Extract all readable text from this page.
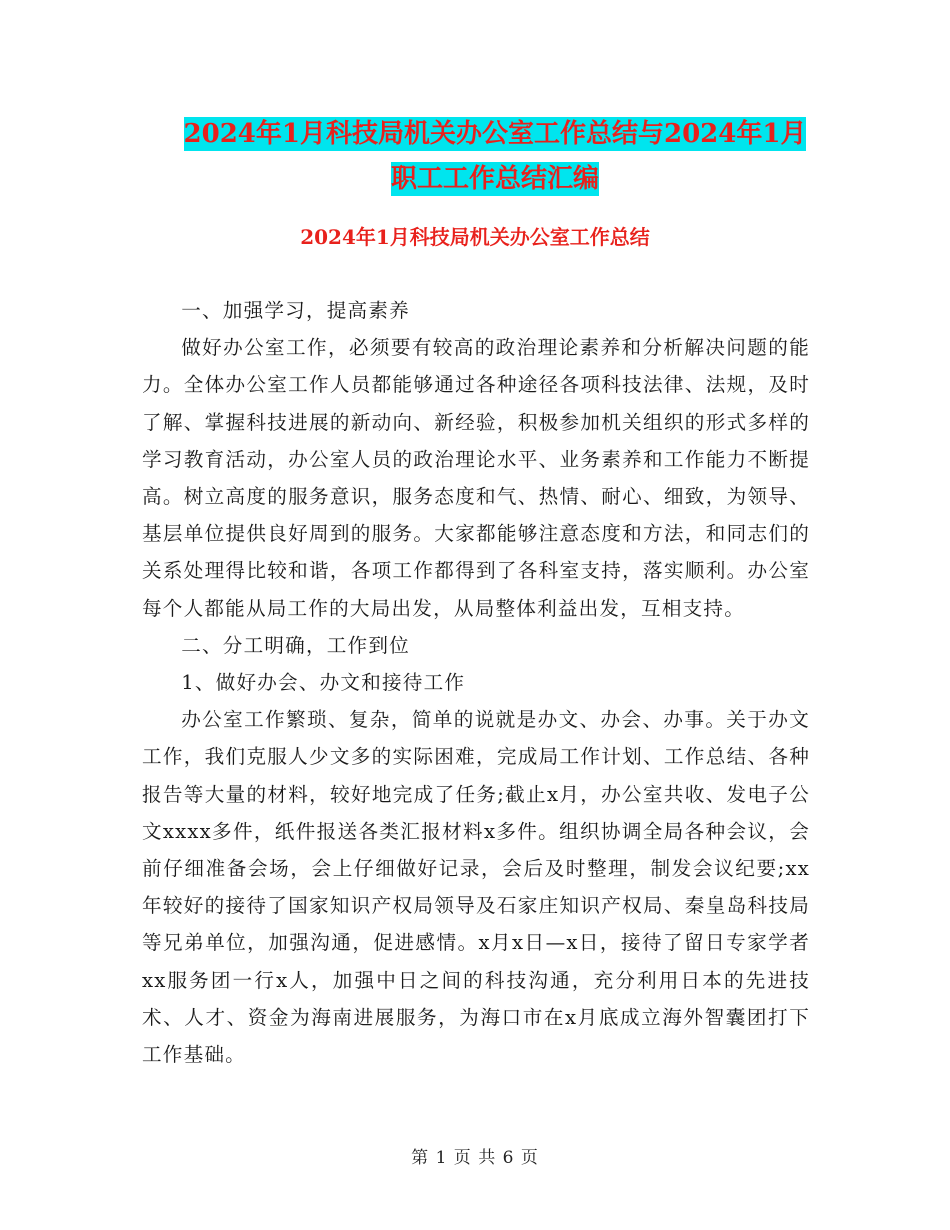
2024年1月科技局机关办公室工作总结与2024年1月
职工工作总结汇编
2024年1月科技局机关办公室工作总结

一、加强学习，提高素养

做好办公室工作，必须要有较高的政治理论素养和分析解决问题的能力。全体办公室工作人员都能够通过各种途径各项科技法律、法规，及时了解、掌握科技进展的新动向、新经验，积极参加机关组织的形式多样的学习教育活动，办公室人员的政治理论水平、业务素养和工作能力不断提高。树立高度的服务意识，服务态度和气、热情、耐心、细致，为领导、基层单位提供良好周到的服务。大家都能够注意态度和方法，和同志们的关系处理得比较和谐，各项工作都得到了各科室支持，落实顺利。办公室每个人都能从局工作的大局出发，从局整体利益出发，互相支持。

二、分工明确，工作到位

1、做好办会、办文和接待工作

办公室工作繁琐、复杂，简单的说就是办文、办会、办事。关于办文工作，我们克服人少文多的实际困难，完成局工作计划、工作总结、各种报告等大量的材料，较好地完成了任务;截止x月，办公室共收、发电子公文xxxx多件，纸件报送各类汇报材料x多件。组织协调全局各种会议，会前仔细准备会场，会上仔细做好记录，会后及时整理，制发会议纪要;xx年较好的接待了国家知识产权局领导及石家庄知识产权局、秦皇岛科技局等兄弟单位，加强沟通，促进感情。x月x日—x日，接待了留日专家学者xx服务团一行x人，加强中日之间的科技沟通，充分利用日本的先进技术、人才、资金为海南进展服务，为海口市在x月底成立海外智囊团打下工作基础。

第 1 页 共 6 页
